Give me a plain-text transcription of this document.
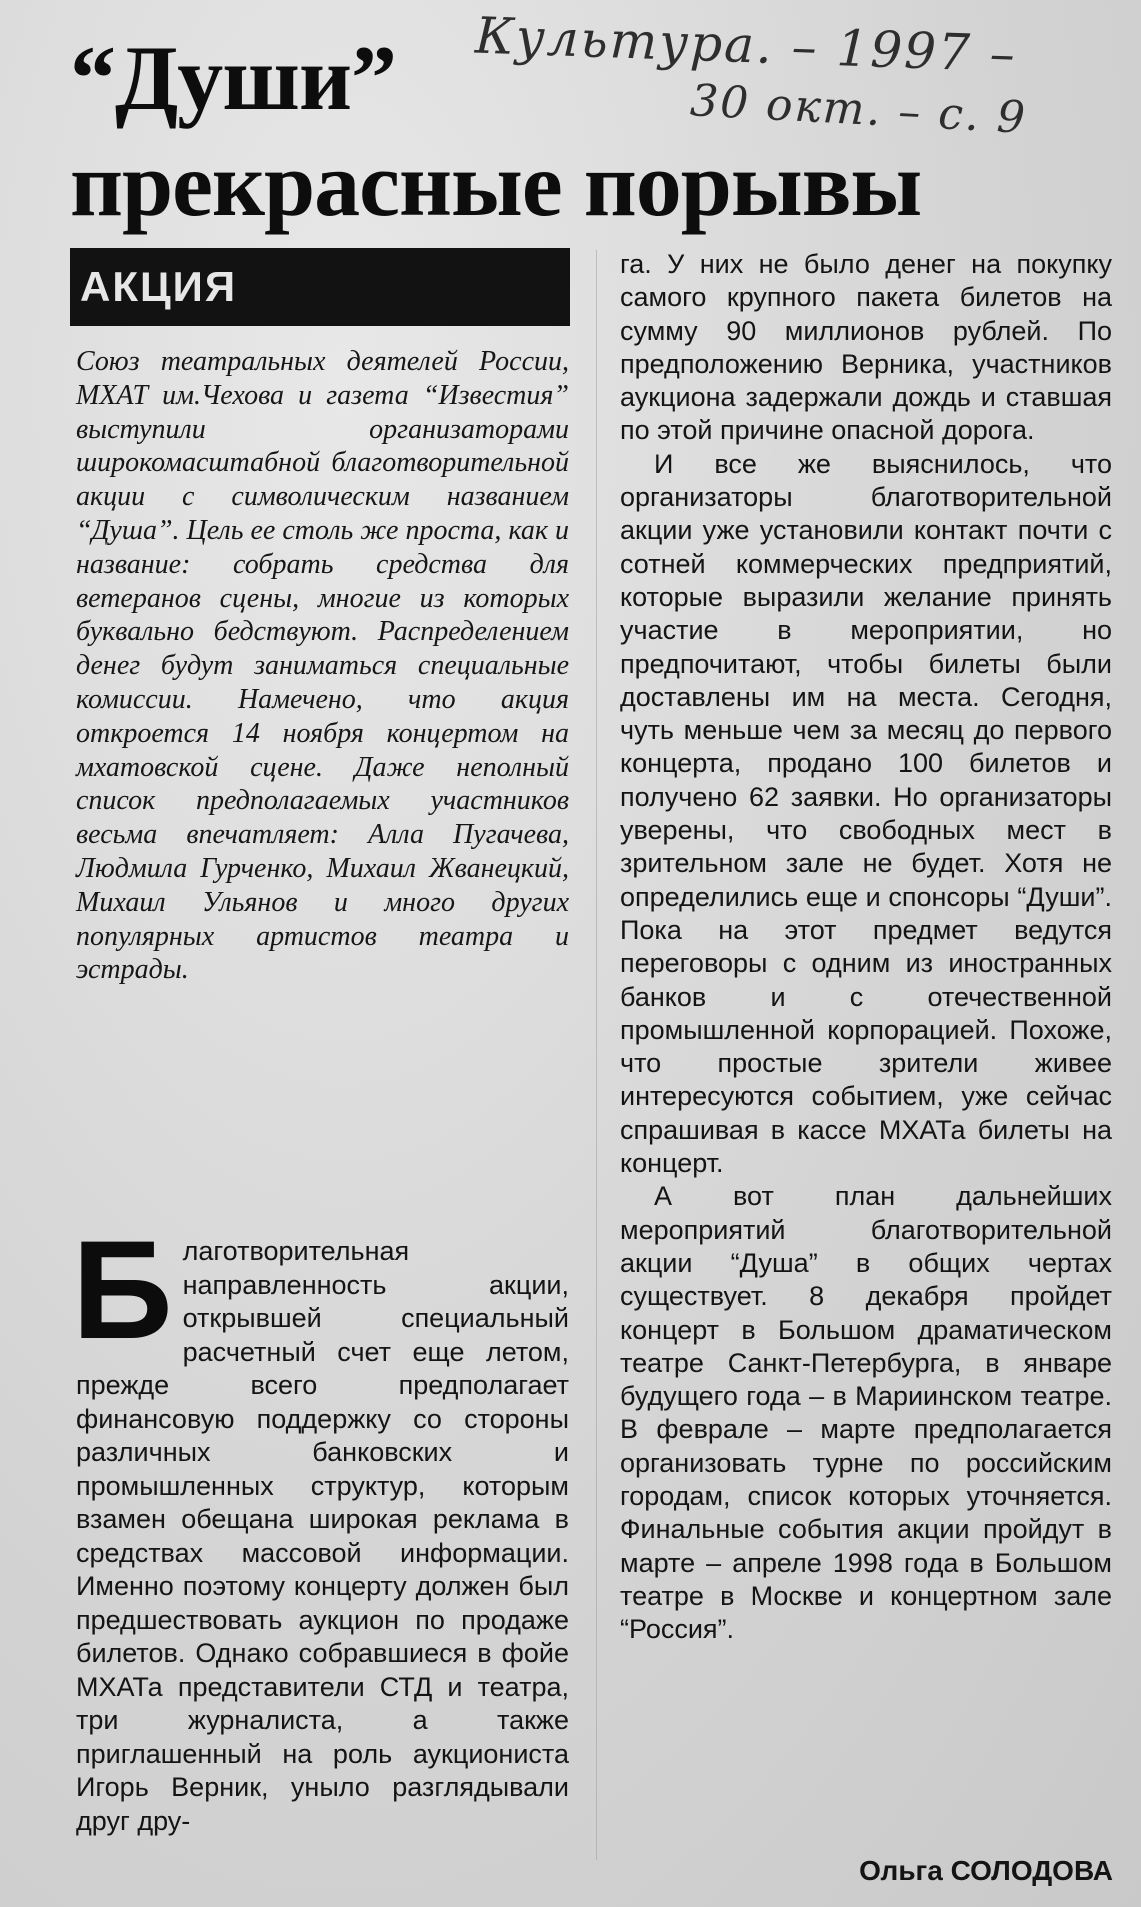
Культура. – 1997 –
30 окт. – с. 9
“Души”
прекрасные порывы
АКЦИЯ
Союз театральных деятелей России, МХАТ им.Чехова и газета “Известия” выступили организаторами широкомасштабной благотворительной акции с символическим названием “Душа”. Цель ее столь же проста, как и название: собрать средства для ветеранов сцены, многие из которых буквально бедствуют. Распределением денег будут заниматься специальные комиссии. Намечено, что акция откроется 14 ноября концертом на мхатовской сцене. Даже неполный список предполагаемых участников весьма впечатляет: Алла Пугачева, Людмила Гурченко, Михаил Жванецкий, Михаил Ульянов и много других популярных артистов театра и эстрады.
Благотворительная направленность акции, открывшей специальный расчетный счет еще летом, прежде всего предполагает финансовую поддержку со стороны различных банковских и промышленных структур, которым взамен обещана широкая реклама в средствах массовой информации. Именно поэтому концерту должен был предшествовать аукцион по продаже билетов. Однако собравшиеся в фойе МХАТа представители СТД и театра, три журналиста, а также приглашенный на роль аукциониста Игорь Верник, уныло разглядывали друг дру-

га. У них не было денег на покупку самого крупного пакета билетов на сумму 90 миллионов рублей. По предположению Верника, участников аукциона задержали дождь и ставшая по этой причине опасной дорога.

И все же выяснилось, что организаторы благотворительной акции уже установили контакт почти с сотней коммерческих предприятий, которые выразили желание принять участие в мероприятии, но предпочитают, чтобы билеты были доставлены им на места. Сегодня, чуть меньше чем за месяц до первого концерта, продано 100 билетов и получено 62 заявки. Но организаторы уверены, что свободных мест в зрительном зале не будет. Хотя не определились еще и спонсоры “Души”. Пока на этот предмет ведутся переговоры с одним из иностранных банков и с отечественной промышленной корпорацией. Похоже, что простые зрители живее интересуются событием, уже сейчас спрашивая в кассе МХАТа билеты на концерт.

А вот план дальнейших мероприятий благотворительной акции “Душа” в общих чертах существует. 8 декабря пройдет концерт в Большом драматическом театре Санкт-Петербурга, в январе будущего года – в Мариинском театре. В феврале – марте предполагается организовать турне по российским городам, список которых уточняется. Финальные события акции пройдут в марте – апреле 1998 года в Большом театре в Москве и концертном зале “Россия”.

Ольга СОЛОДОВА
